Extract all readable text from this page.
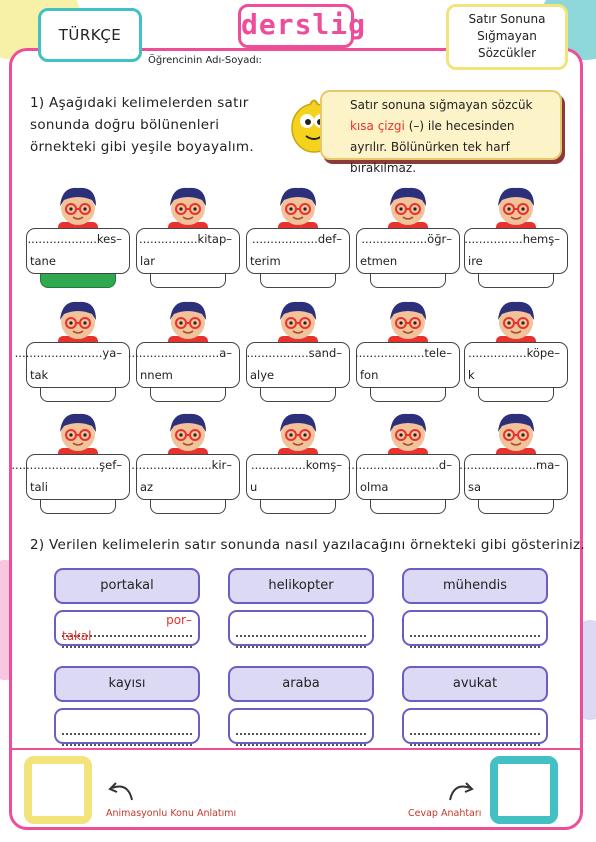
TÜRKÇE	derslig	Satır Sonuna
Sığmayan
Sözcükler
Öğrencinin Adı-Soyadı:
1) Aşağıdaki kelimelerden satır sonunda doğru bölünenleri örnekteki gibi yeşile boyayalım.
Satır sonuna sığmayan sözcük kısa çizgi (–) ile hecesinden ayrılır. Bölünürken tek harf bırakılmaz.
...................kes–
tane
................kitap–
lar
..................def–
terim
..................öğr–
etmen
................hemş–
ire
........................ya–
tak
.........................a–
nnem
.................sand–
alye
...................tele–
fon
................köpe–
k
........................şef–
tali
......................kir–
az
...............komş–
u
.........................d–
olma
.....................ma–
sa
2) Verilen kelimelerin satır sonunda nasıl yazılacağını örnekteki gibi gösteriniz.
portakal
por–
takal
helikopter	mühendis
kayısı	araba	avukat
Animasyonlu Konu Anlatımı	Cevap Anahtarı
